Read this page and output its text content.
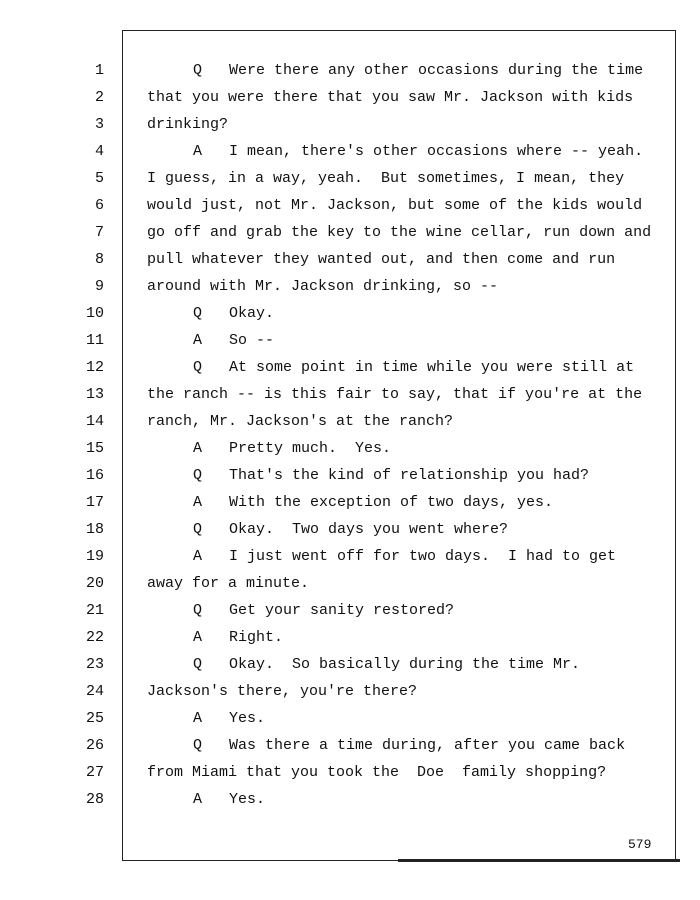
1
2
3
4
5
6
7
8
9
10
11
12
13
14
15
16
17
18
19
20
21
22
23
24
25
26
27
28
Q Were there any other occasions during the time
that you were there that you saw Mr. Jackson with kids
drinking?
A I mean, there's other occasions where -- yeah.
I guess, in a way, yeah.  But sometimes, I mean, they
would just, not Mr. Jackson, but some of the kids would
go off and grab the key to the wine cellar, run down and
pull whatever they wanted out, and then come and run
around with Mr. Jackson drinking, so --
Q Okay.
A So --
Q At some point in time while you were still at
the ranch -- is this fair to say, that if you're at the
ranch, Mr. Jackson's at the ranch?
A Pretty much.  Yes.
Q That's the kind of relationship you had?
A With the exception of two days, yes.
Q Okay.  Two days you went where?
A I just went off for two days.  I had to get
away for a minute.
Q Get your sanity restored?
A Right.
Q Okay.  So basically during the time Mr.
Jackson's there, you're there?
A Yes.
Q Was there a time during, after you came back
from Miami that you took the  Doe  family shopping?
A Yes.
579
